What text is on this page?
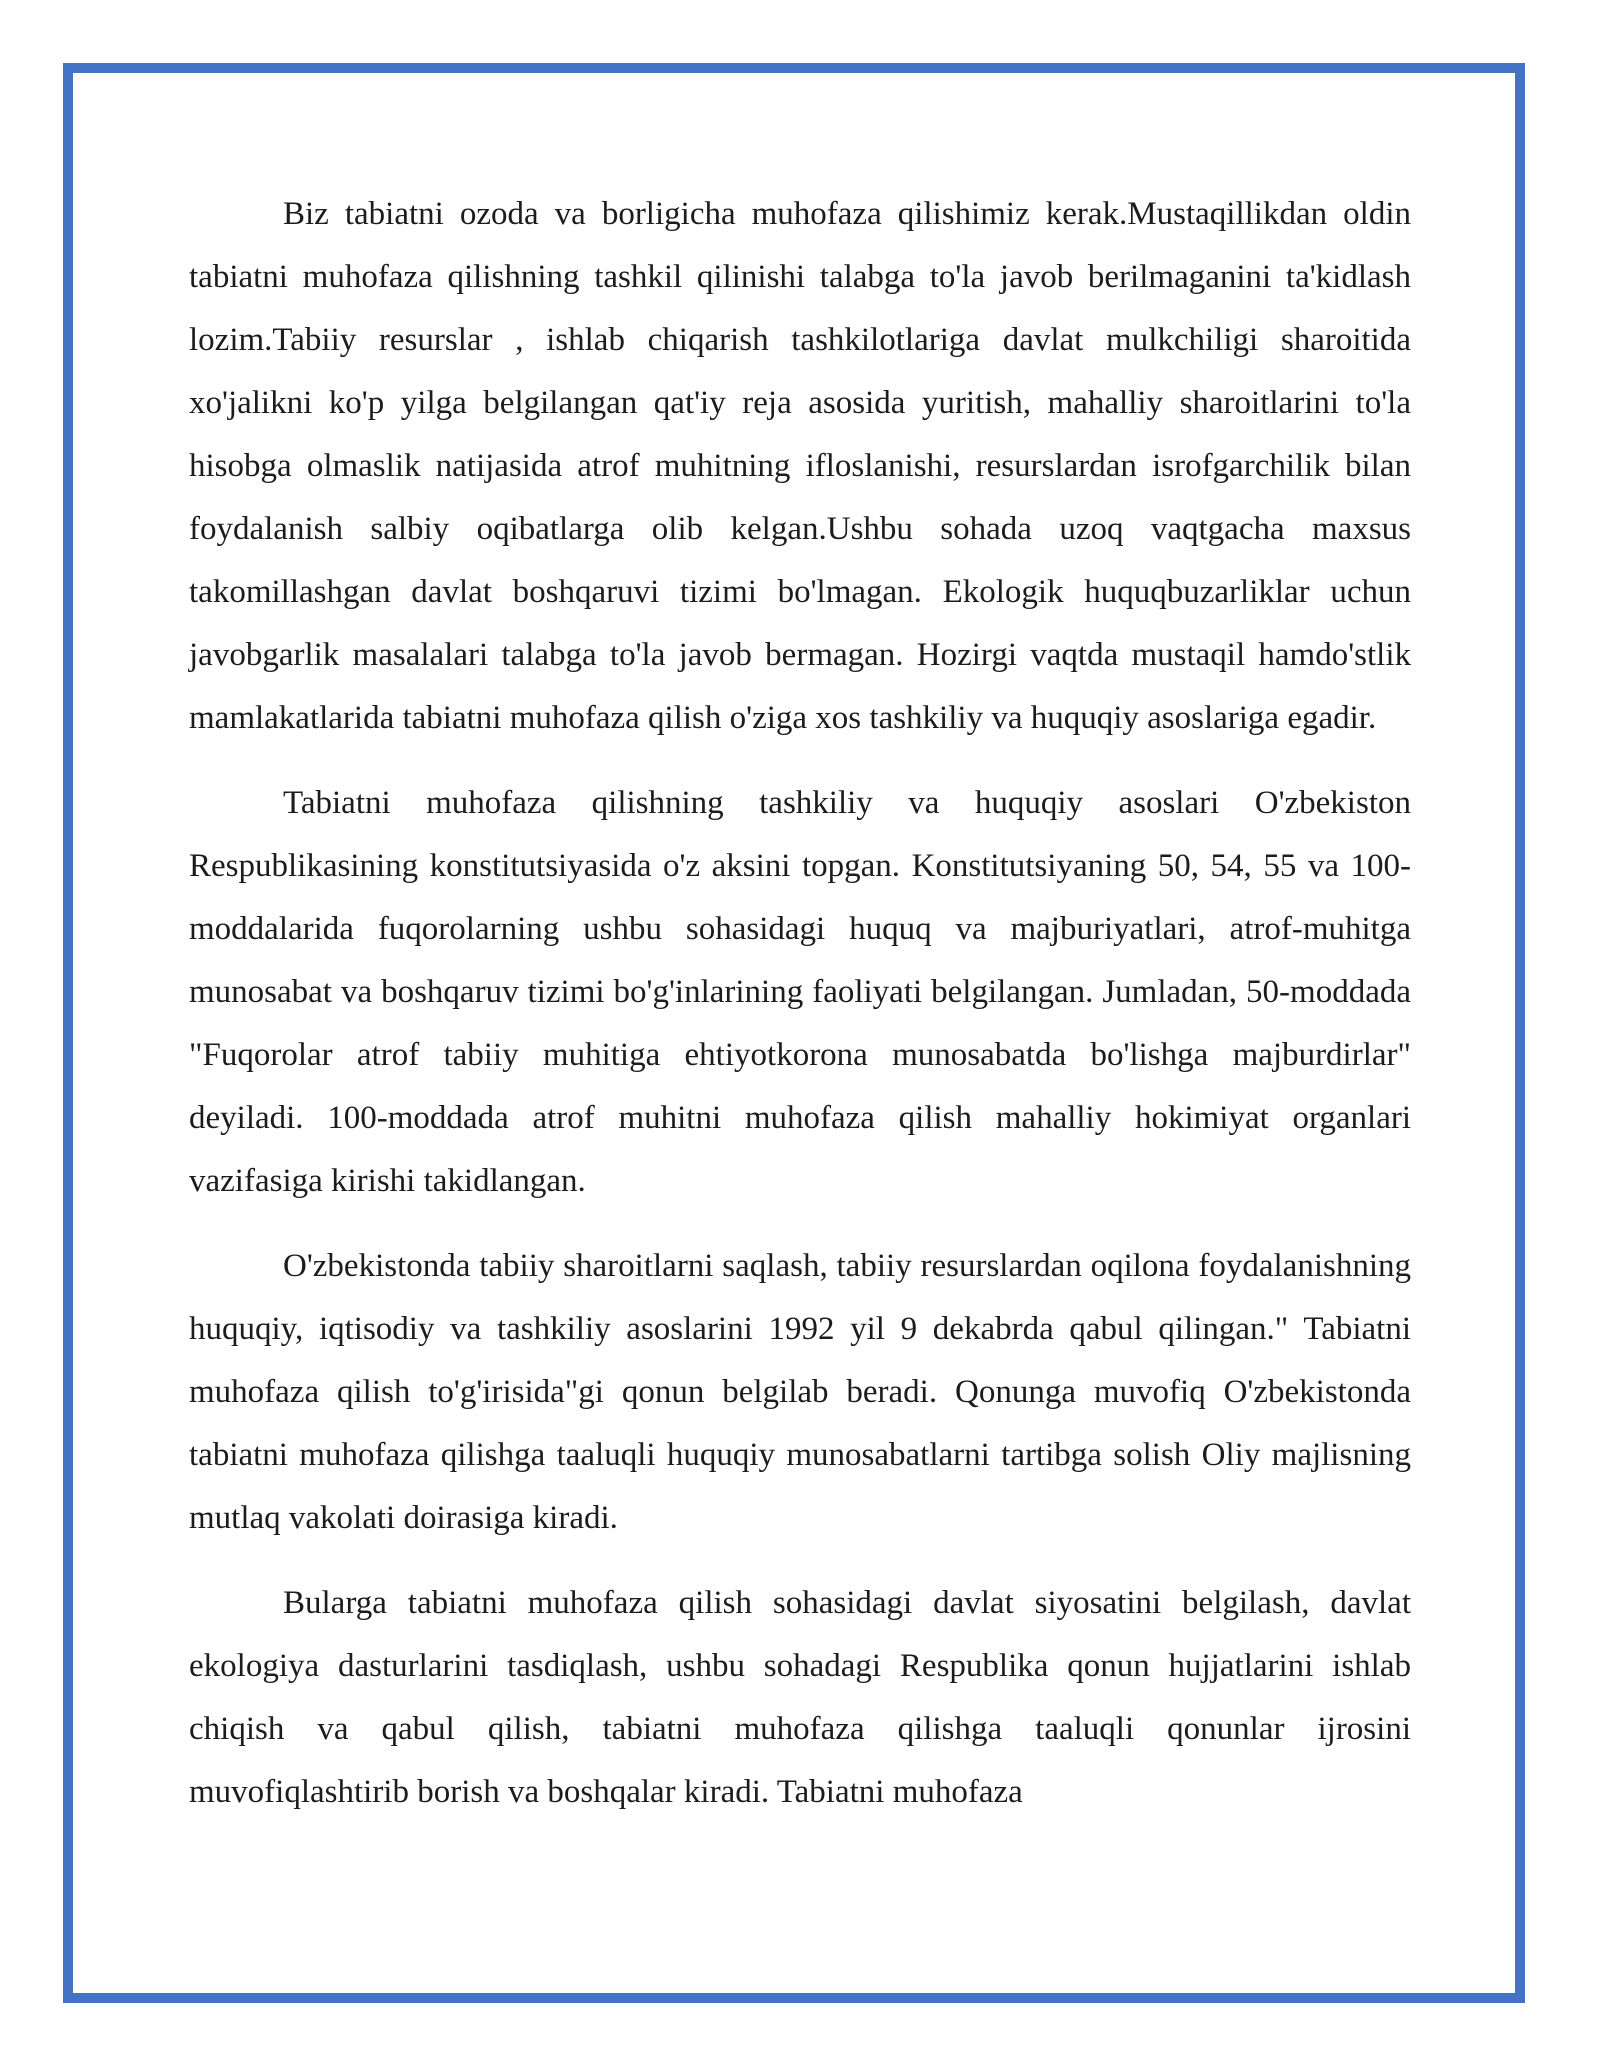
Biz tabiatni ozoda va borligicha muhofaza qilishimiz kerak.Mustaqillikdan oldin tabiatni muhofaza qilishning tashkil qilinishi talabga to'la javob berilmaganini ta'kidlash lozim.Tabiiy resurslar , ishlab chiqarish tashkilotlariga davlat mulkchiligi sharoitida xo'jalikni ko'p yilga belgilangan qat'iy reja asosida yuritish, mahalliy sharoitlarini to'la hisobga olmaslik natijasida atrof muhitning ifloslanishi, resurslardan isrofgarchilik bilan foydalanish salbiy oqibatlarga olib kelgan.Ushbu sohada uzoq vaqtgacha maxsus takomillashgan davlat boshqaruvi tizimi bo'lmagan. Ekologik huquqbuzarliklar uchun javobgarlik masalalari talabga to'la javob bermagan. Hozirgi vaqtda mustaqil hamdo'stlik mamlakatlarida tabiatni muhofaza qilish o'ziga xos tashkiliy va huquqiy asoslariga egadir.

Tabiatni muhofaza qilishning tashkiliy va huquqiy asoslari O'zbekiston Respublikasining konstitutsiyasida o'z aksini topgan. Konstitutsiyaning 50, 54, 55 va 100- moddalarida fuqorolarning ushbu sohasidagi huquq va majburiyatlari, atrof-muhitga munosabat va boshqaruv tizimi bo'g'inlarining faoliyati belgilangan. Jumladan, 50-moddada "Fuqorolar atrof tabiiy muhitiga ehtiyotkorona munosabatda bo'lishga majburdirlar" deyiladi. 100-moddada atrof muhitni muhofaza qilish mahalliy hokimiyat organlari vazifasiga kirishi takidlangan.

O'zbekistonda tabiiy sharoitlarni saqlash, tabiiy resurslardan oqilona foydalanishning huquqiy, iqtisodiy va tashkiliy asoslarini 1992 yil 9 dekabrda qabul qilingan." Tabiatni muhofaza qilish to'g'irisida"gi qonun belgilab beradi. Qonunga muvofiq O'zbekistonda tabiatni muhofaza qilishga taaluqli huquqiy munosabatlarni tartibga solish Oliy majlisning mutlaq vakolati doirasiga kiradi.

Bularga tabiatni muhofaza qilish sohasidagi davlat siyosatini belgilash, davlat ekologiya dasturlarini tasdiqlash, ushbu sohadagi Respublika qonun hujjatlarini ishlab chiqish va qabul qilish, tabiatni muhofaza qilishga taaluqli qonunlar ijrosini muvofiqlashtirib borish va boshqalar kiradi. Tabiatni muhofaza
